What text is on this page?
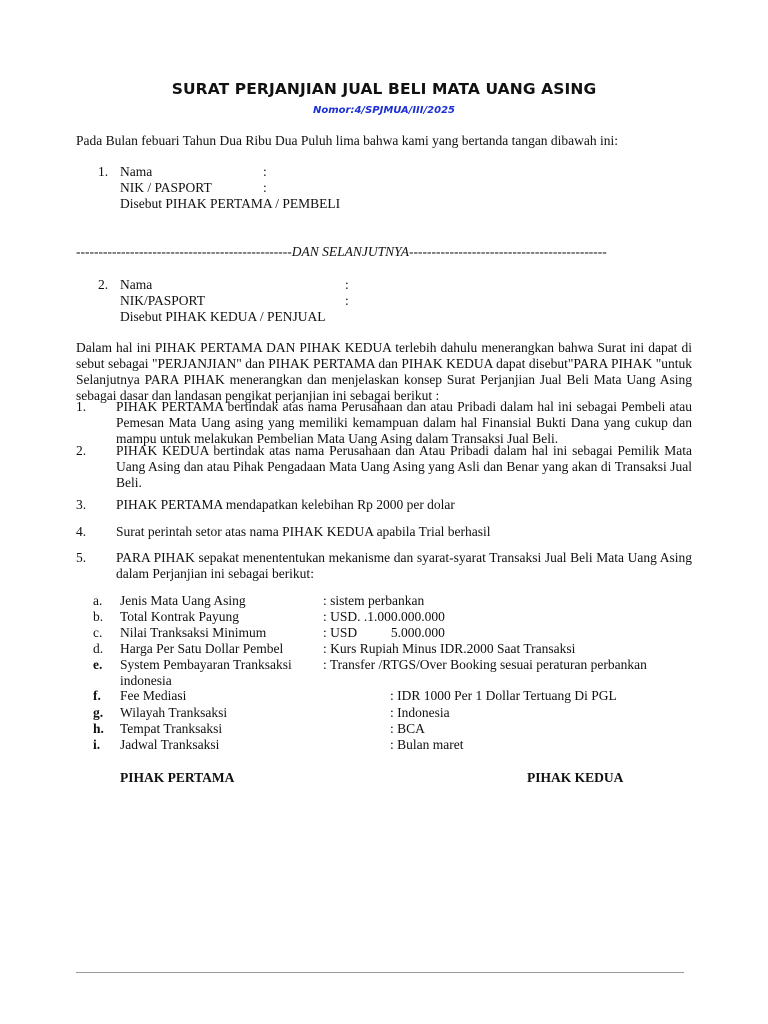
SURAT PERJANJIAN JUAL BELI MATA UANG ASING
Nomor:4/SPJMUA/III/2025
Pada Bulan febuari Tahun Dua Ribu Dua Puluh lima bahwa kami yang bertanda tangan dibawah ini:
1. Nama	:
NIK / PASPORT	:
Disebut PIHAK PERTAMA / PEMBELI
------------------------------------------------DAN SELANJUTNYA--------------------------------------------
2. Nama	:
NIK/PASPORT	:
Disebut PIHAK KEDUA / PENJUAL
Dalam hal ini PIHAK PERTAMA DAN PIHAK KEDUA terlebih dahulu menerangkan bahwa Surat ini dapat di sebut sebagai "PERJANJIAN" dan PIHAK PERTAMA dan PIHAK KEDUA dapat disebut"PARA PIHAK "untuk Selanjutnya PARA PIHAK menerangkan dan menjelaskan konsep Surat Perjanjian Jual Beli Mata Uang Asing sebagai dasar dan landasan pengikat perjanjian ini sebagai berikut :
1. PIHAK PERTAMA bertindak atas nama Perusahaan dan atau Pribadi dalam hal ini sebagai Pembeli atau Pemesan Mata Uang asing yang memiliki kemampuan dalam hal Finansial Bukti Dana yang cukup dan mampu untuk melakukan Pembelian Mata Uang Asing dalam Transaksi Jual Beli.
2. PIHAK KEDUA bertindak atas nama Perusahaan dan Atau Pribadi dalam hal ini sebagai Pemilik Mata Uang Asing dan atau Pihak Pengadaan Mata Uang Asing yang Asli dan Benar yang akan di Transaksi Jual Beli.
3. PIHAK PERTAMA mendapatkan kelebihan Rp 2000 per dolar
4. Surat perintah setor atas nama PIHAK KEDUA apabila Trial berhasil
5. PARA PIHAK sepakat menententukan mekanisme dan syarat-syarat Transaksi Jual Beli Mata Uang Asing dalam Perjanjian ini sebagai berikut:
a. Jenis Mata Uang Asing	: sistem perbankan
b. Total Kontrak Payung	: USD. .1.000.000.000
c. Nilai Tranksaksi Minimum	: USD          5.000.000
d. Harga Per Satu Dollar Pembel	: Kurs Rupiah Minus IDR.2000 Saat Transaksi
e. System Pembayaran Tranksaksi : Transfer /RTGS/Over Booking sesuai peraturan perbankan
indonesia
f. Fee Mediasi	: IDR 1000 Per 1 Dollar Tertuang Di PGL
g. Wilayah Tranksaksi	: Indonesia
h. Tempat Tranksaksi	: BCA
i. Jadwal Tranksaksi	: Bulan maret
PIHAK PERTAMA	PIHAK KEDUA
